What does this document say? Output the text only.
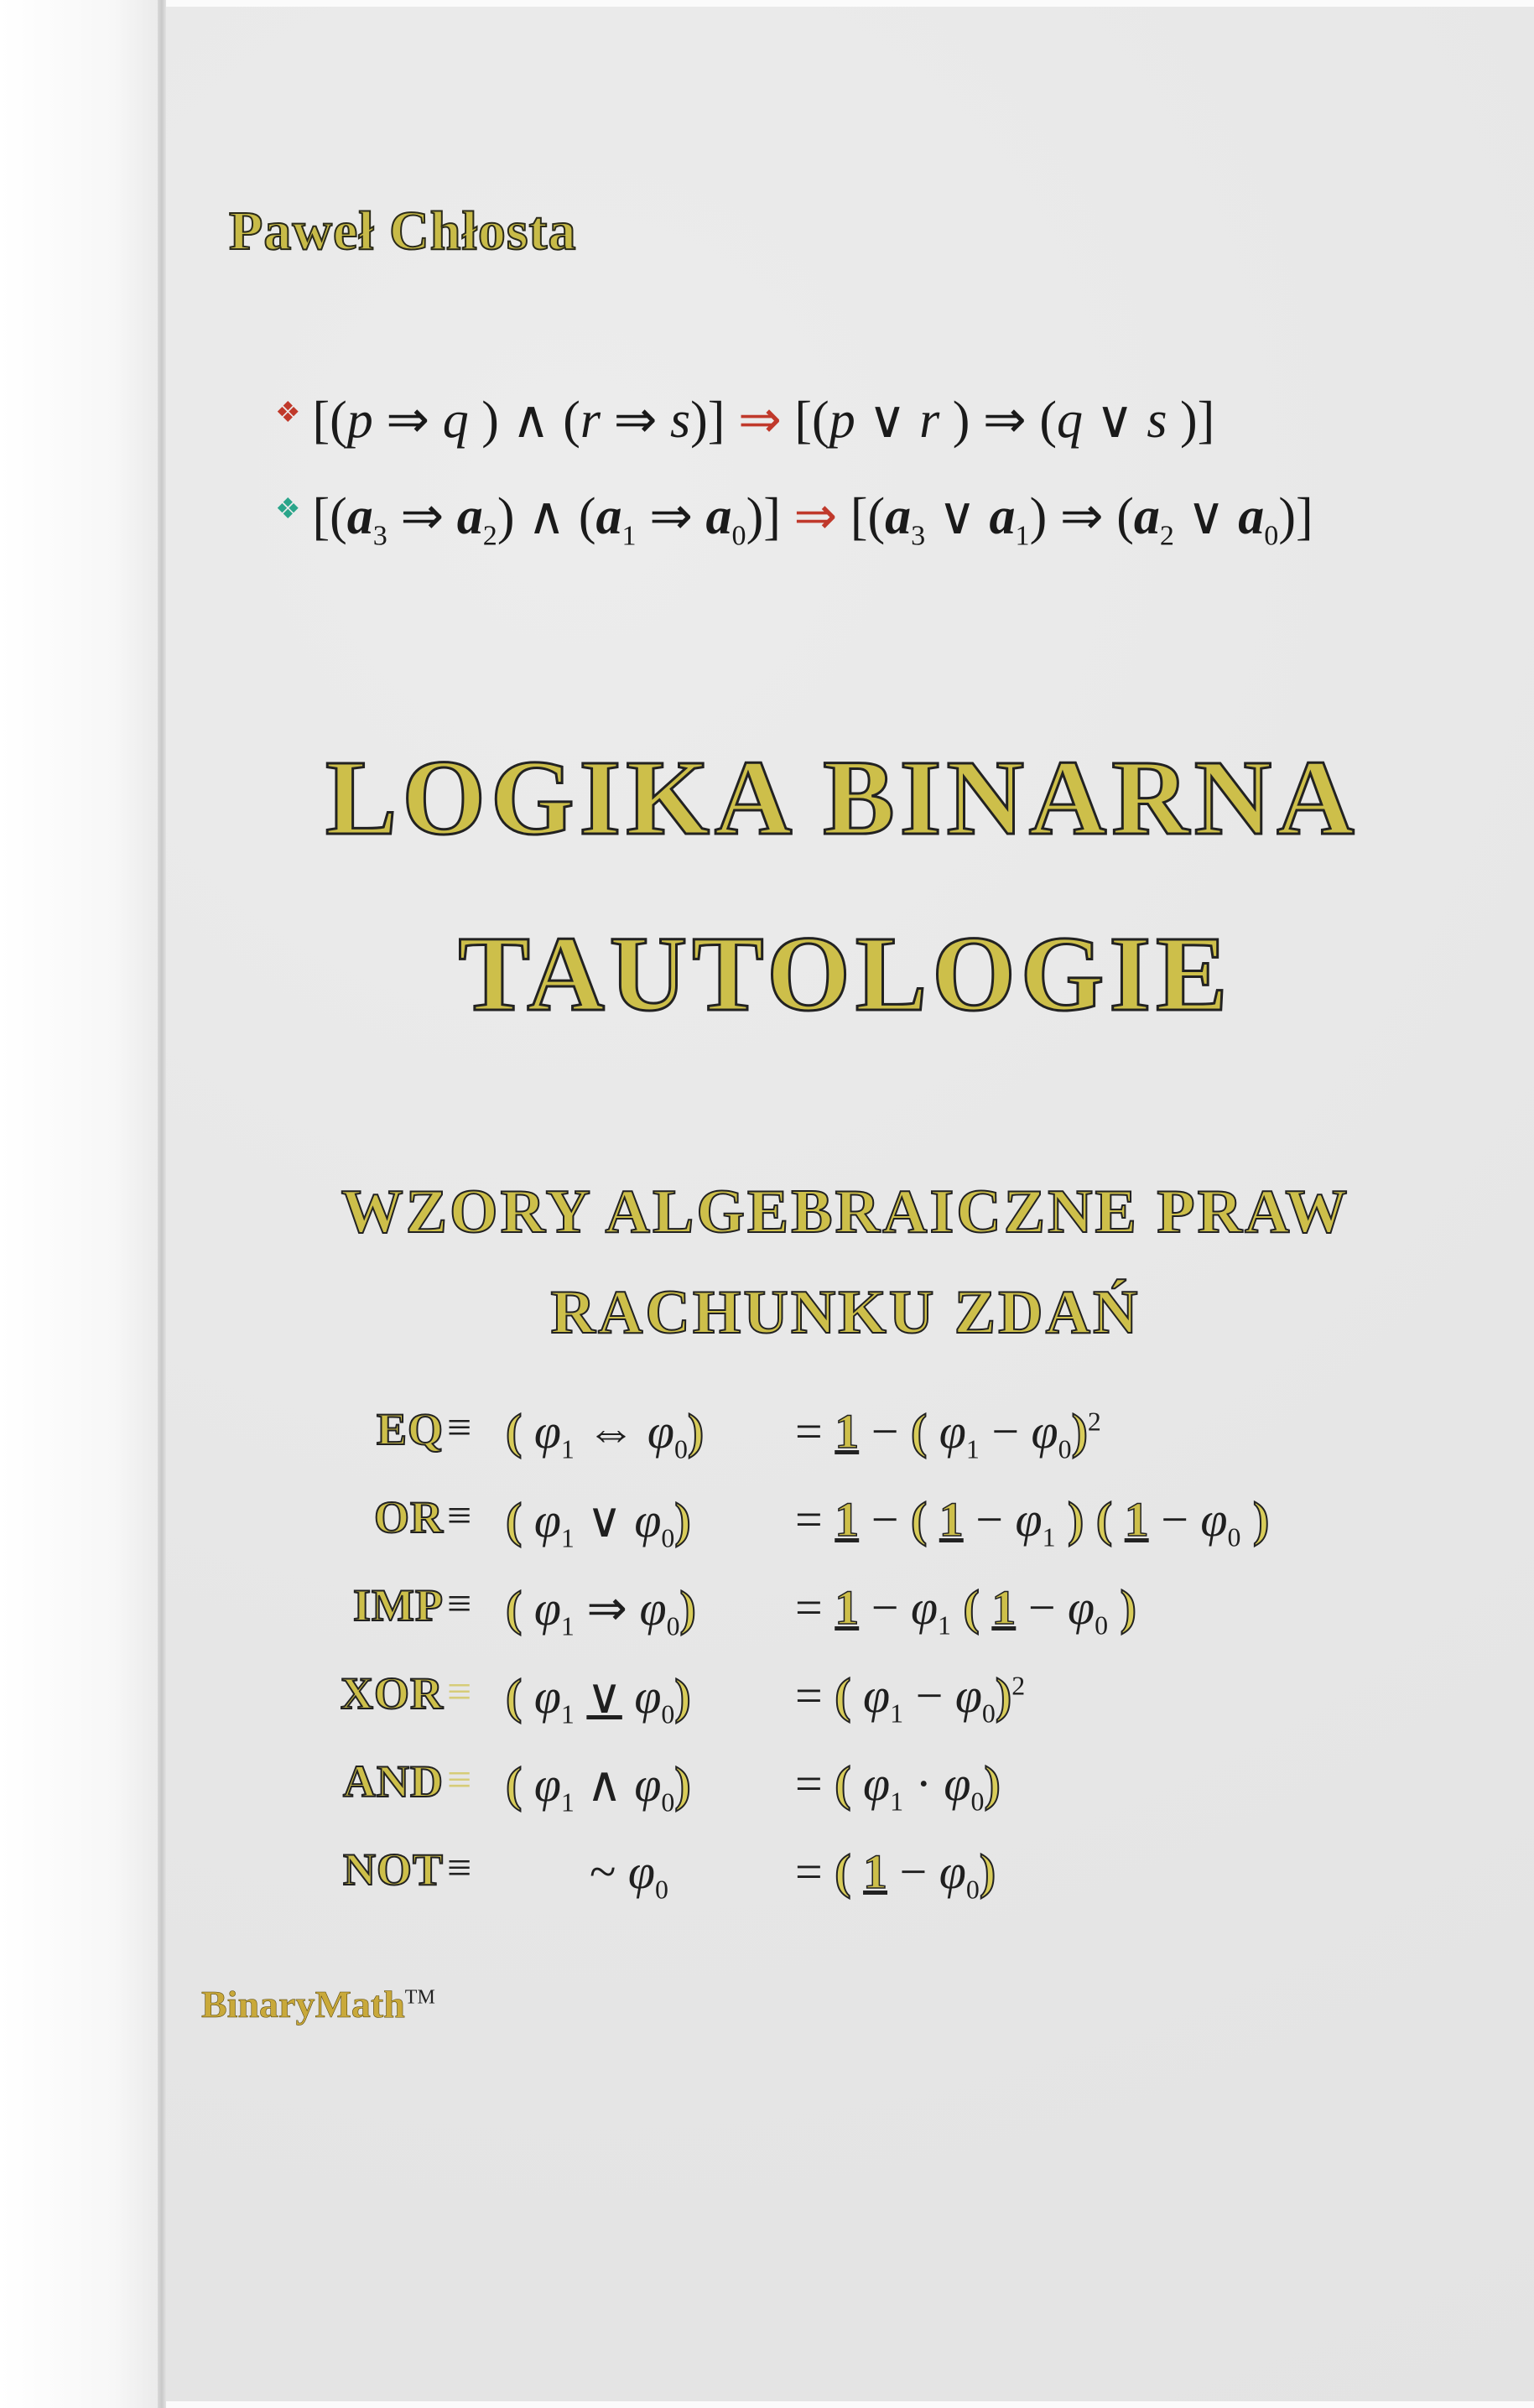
Paweł Chłosta
❖ [(p ⇒ q ) ∧ (r ⇒ s)] ⇒ [(p ∨ r ) ⇒ (q ∨ s )]
❖ [($a_3$ ⇒ $a_2$) ∧ ($a_1$ ⇒ $a_0$)] ⇒ [($a_3$ ∨ $a_1$) ⇒ ($a_2$ ∨ $a_0$)]
LOGIKA BINARNA
TAUTOLOGIE
WZORY ALGEBRAICZNE PRAW
RACHUNKU ZDAŃ
EQ ≡ ( $\varphi_1$ ⇔ $\varphi_0) = 1$ − ( $\varphi_1 - \varphi_0)^2$
OR ≡ ( $\varphi_1$ ∨ $\varphi_0) = 1$ − ( $1 - \varphi_1$ ) ( $1 - \varphi_0$ )
IMP ≡ ( $\varphi_1$ ⇒ $\varphi_0) = 1 - \varphi_1$ ( $1 - \varphi_0$ )
XOR ≡ ( $\varphi_1$ ∨ $\varphi_0$) = ( $\varphi_1 - \varphi_0)^2$
AND ≡ ( $\varphi_1$ ∧ $\varphi_0$) = ( $\varphi_1 \cdot \varphi_0$)
NOT ≡ ~ $\varphi_0$	= ( $1 - \varphi_0$)
BinaryMath™
